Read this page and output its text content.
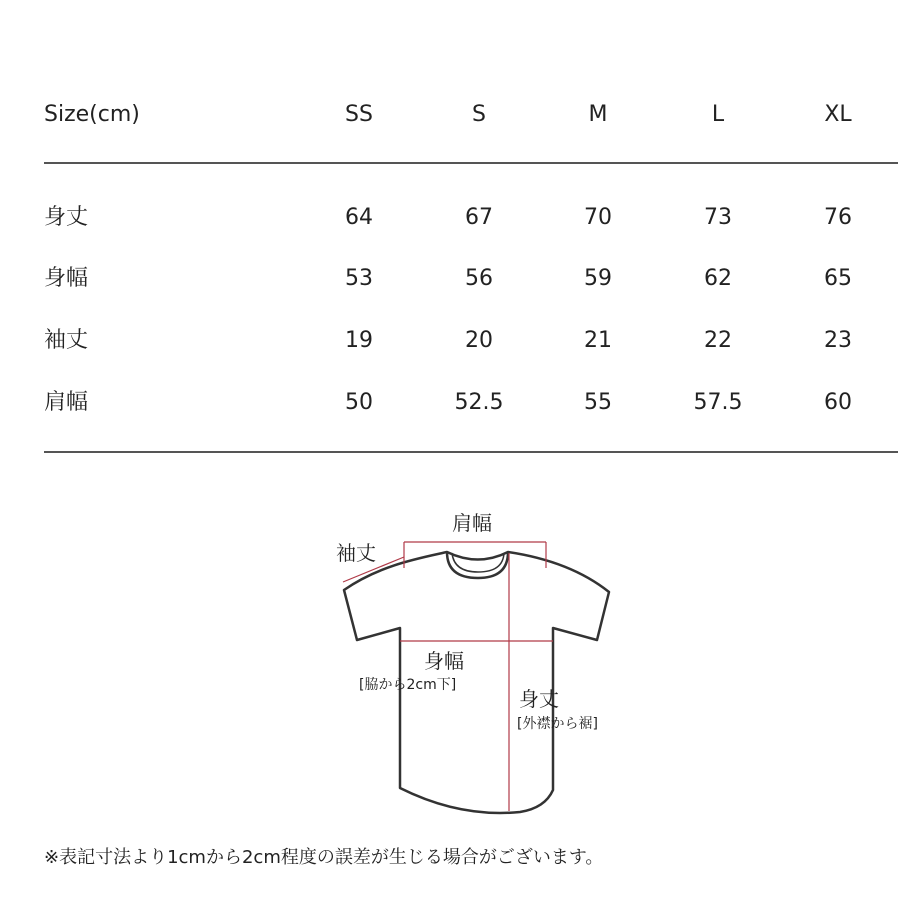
Size(cm)	SS	S	M	L	XL
身丈	64	67	70	73	76
身幅	53	56	59	62	65
袖丈	19	20	21	22	23
肩幅	50	52.5	55	57.5	60
肩幅
袖丈
身幅
[脇から2cm下]
身丈
[外襟から裾]
※表記寸法より1cmから2cm程度の誤差が生じる場合がございます。
